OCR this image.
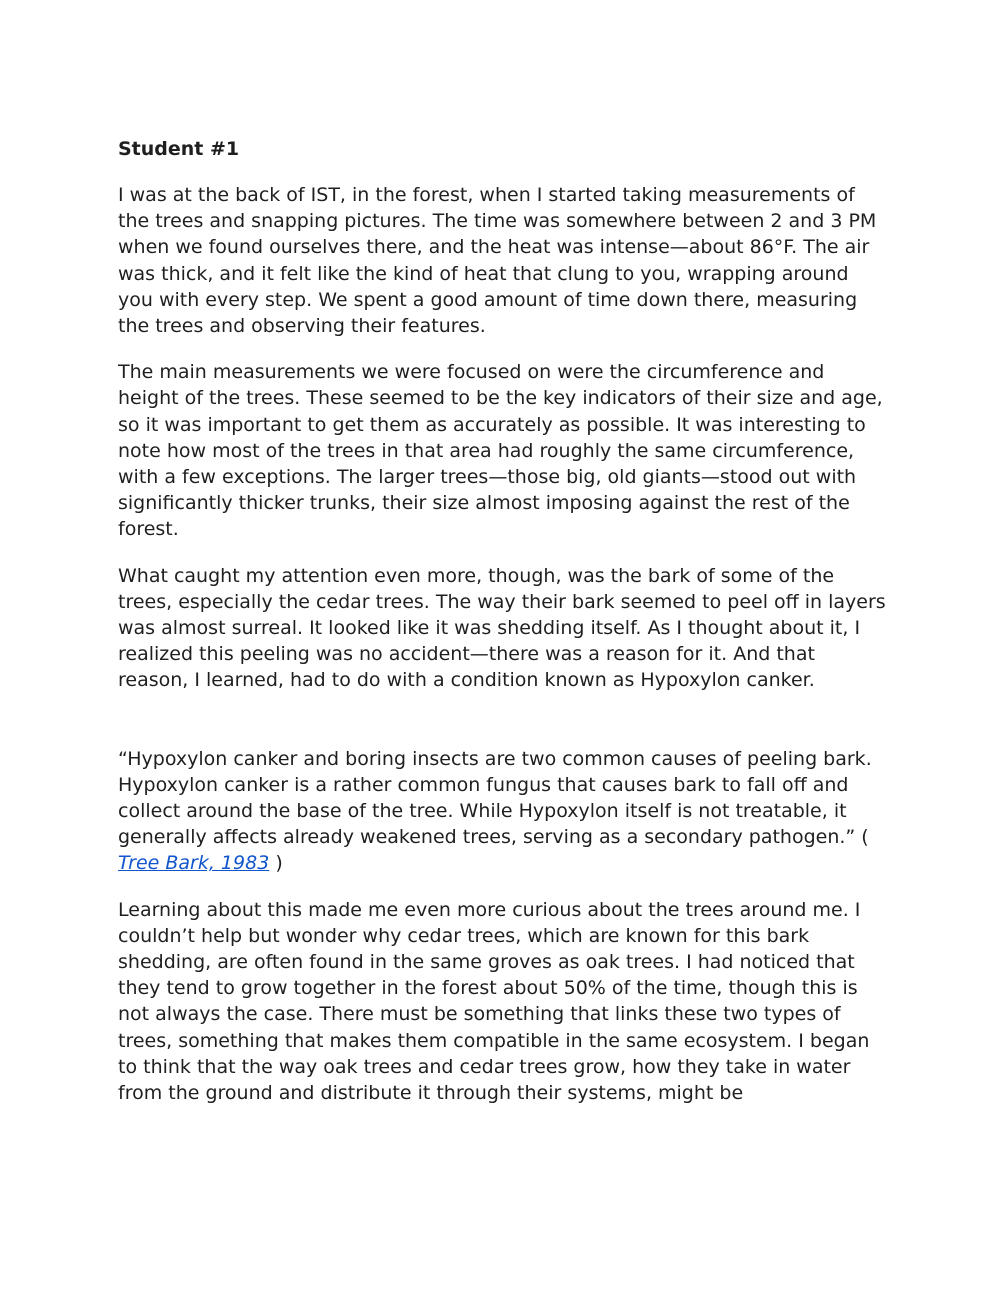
Student #1

I was at the back of IST, in the forest, when I started taking measurements of the trees and snapping pictures. The time was somewhere between 2 and 3 PM when we found ourselves there, and the heat was intense—about 86°F. The air was thick, and it felt like the kind of heat that clung to you, wrapping around you with every step. We spent a good amount of time down there, measuring the trees and observing their features.

The main measurements we were focused on were the circumference and height of the trees. These seemed to be the key indicators of their size and age, so it was important to get them as accurately as possible. It was interesting to note how most of the trees in that area had roughly the same circumference, with a few exceptions. The larger trees—those big, old giants—stood out with significantly thicker trunks, their size almost imposing against the rest of the forest.

What caught my attention even more, though, was the bark of some of the trees, especially the cedar trees. The way their bark seemed to peel off in layers was almost surreal. It looked like it was shedding itself. As I thought about it, I realized this peeling was no accident—there was a reason for it. And that reason, I learned, had to do with a condition known as Hypoxylon canker.

“Hypoxylon canker and boring insects are two common causes of peeling bark. Hypoxylon canker is a rather common fungus that causes bark to fall off and collect around the base of the tree. While Hypoxylon itself is not treatable, it generally affects already weakened trees, serving as a secondary pathogen.” ( Tree Bark, 1983 )

Learning about this made me even more curious about the trees around me. I couldn’t help but wonder why cedar trees, which are known for this bark shedding, are often found in the same groves as oak trees. I had noticed that they tend to grow together in the forest about 50% of the time, though this is not always the case. There must be something that links these two types of trees, something that makes them compatible in the same ecosystem. I began to think that the way oak trees and cedar trees grow, how they take in water from the ground and distribute it through their systems, might be
